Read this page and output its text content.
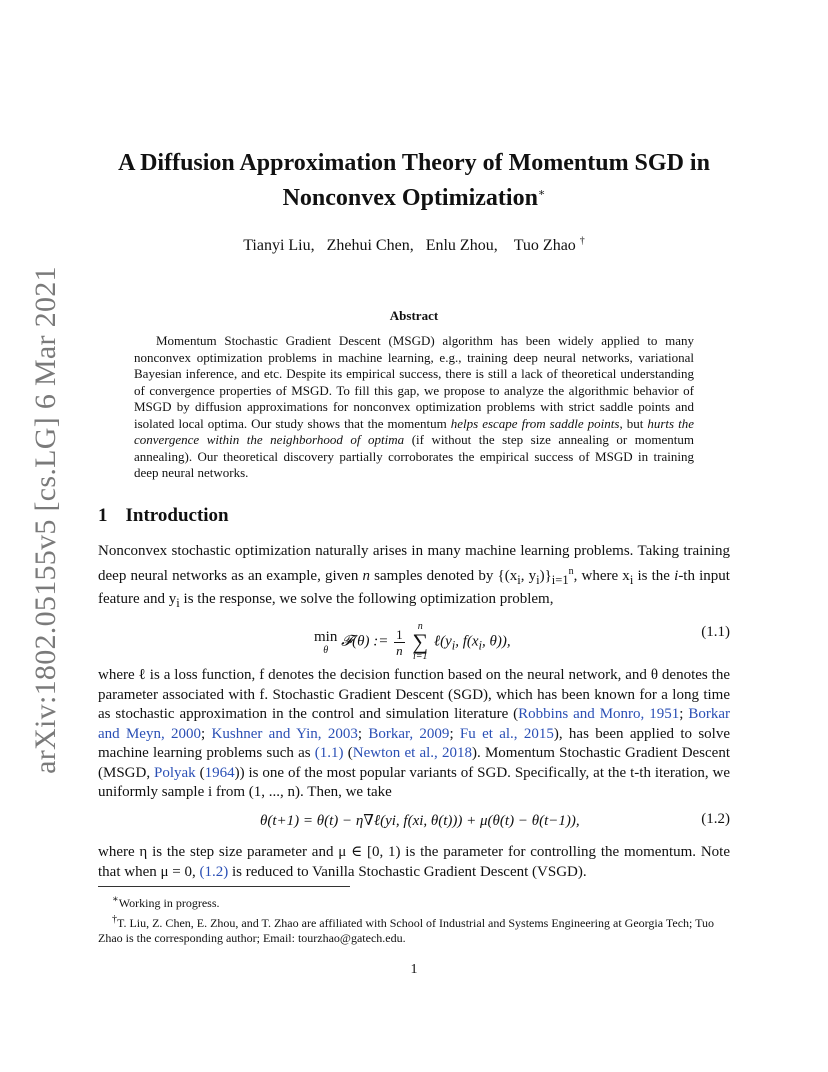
arXiv:1802.05155v5 [cs.LG] 6 Mar 2021
A Diffusion Approximation Theory of Momentum SGD in
Nonconvex Optimization∗
Tianyi Liu, Zhehui Chen, Enlu Zhou, Tuo Zhao †
Abstract
Momentum Stochastic Gradient Descent (MSGD) algorithm has been widely applied to many nonconvex optimization problems in machine learning, e.g., training deep neural networks, variational Bayesian inference, and etc. Despite its empirical success, there is still a lack of theoretical understanding of convergence properties of MSGD. To fill this gap, we propose to analyze the algorithmic behavior of MSGD by diffusion approximations for nonconvex optimization problems with strict saddle points and isolated local optima. Our study shows that the momentum helps escape from saddle points, but hurts the convergence within the neighborhood of optima (if without the step size annealing or momentum annealing). Our theoretical discovery partially corroborates the empirical success of MSGD in training deep neural networks.
1 Introduction
Nonconvex stochastic optimization naturally arises in many machine learning problems. Taking training deep neural networks as an example, given n samples denoted by {($x_i$, $y_i)\}_{i=1}^n$, where $x_i$ is the i-th input feature and $y_i$ is the response, we solve the following optimization problem,
min
θ
𝓕(θ) := $\frac{1}{n}$
	n
∑
i=1
$\ell(y_i$, $f(x_i$, θ)),
(1.1)
where ℓ is a loss function, f denotes the decision function based on the neural network, and θ denotes the parameter associated with f. Stochastic Gradient Descent (SGD), which has been known for a long time as stochastic approximation in the control and simulation literature (Robbins and Monro, 1951; Borkar and Meyn, 2000; Kushner and Yin, 2003; Borkar, 2009; Fu et al., 2015), has been applied to solve machine learning problems such as (1.1) (Newton et al., 2018). Momentum Stochastic Gradient Descent (MSGD, Polyak (1964)) is one of the most popular variants of SGD. Specifically, at the t-th iteration, we uniformly sample i from (1, ..., n). Then, we take
θ(t+1) = θ(t) − η∇ℓ(yi, f(xi, θ(t))) + μ(θ(t) − θ(t−1)),	(1.2)
where η is the step size parameter and μ ∈ [0, 1) is the parameter for controlling the momentum. Note that when μ = 0, (1.2) is reduced to Vanilla Stochastic Gradient Descent (VSGD).

∗Working in progress.

†T. Liu, Z. Chen, E. Zhou, and T. Zhao are affiliated with School of Industrial and Systems Engineering at Georgia Tech; Tuo Zhao is the corresponding author; Email: tourzhao@gatech.edu.

1
